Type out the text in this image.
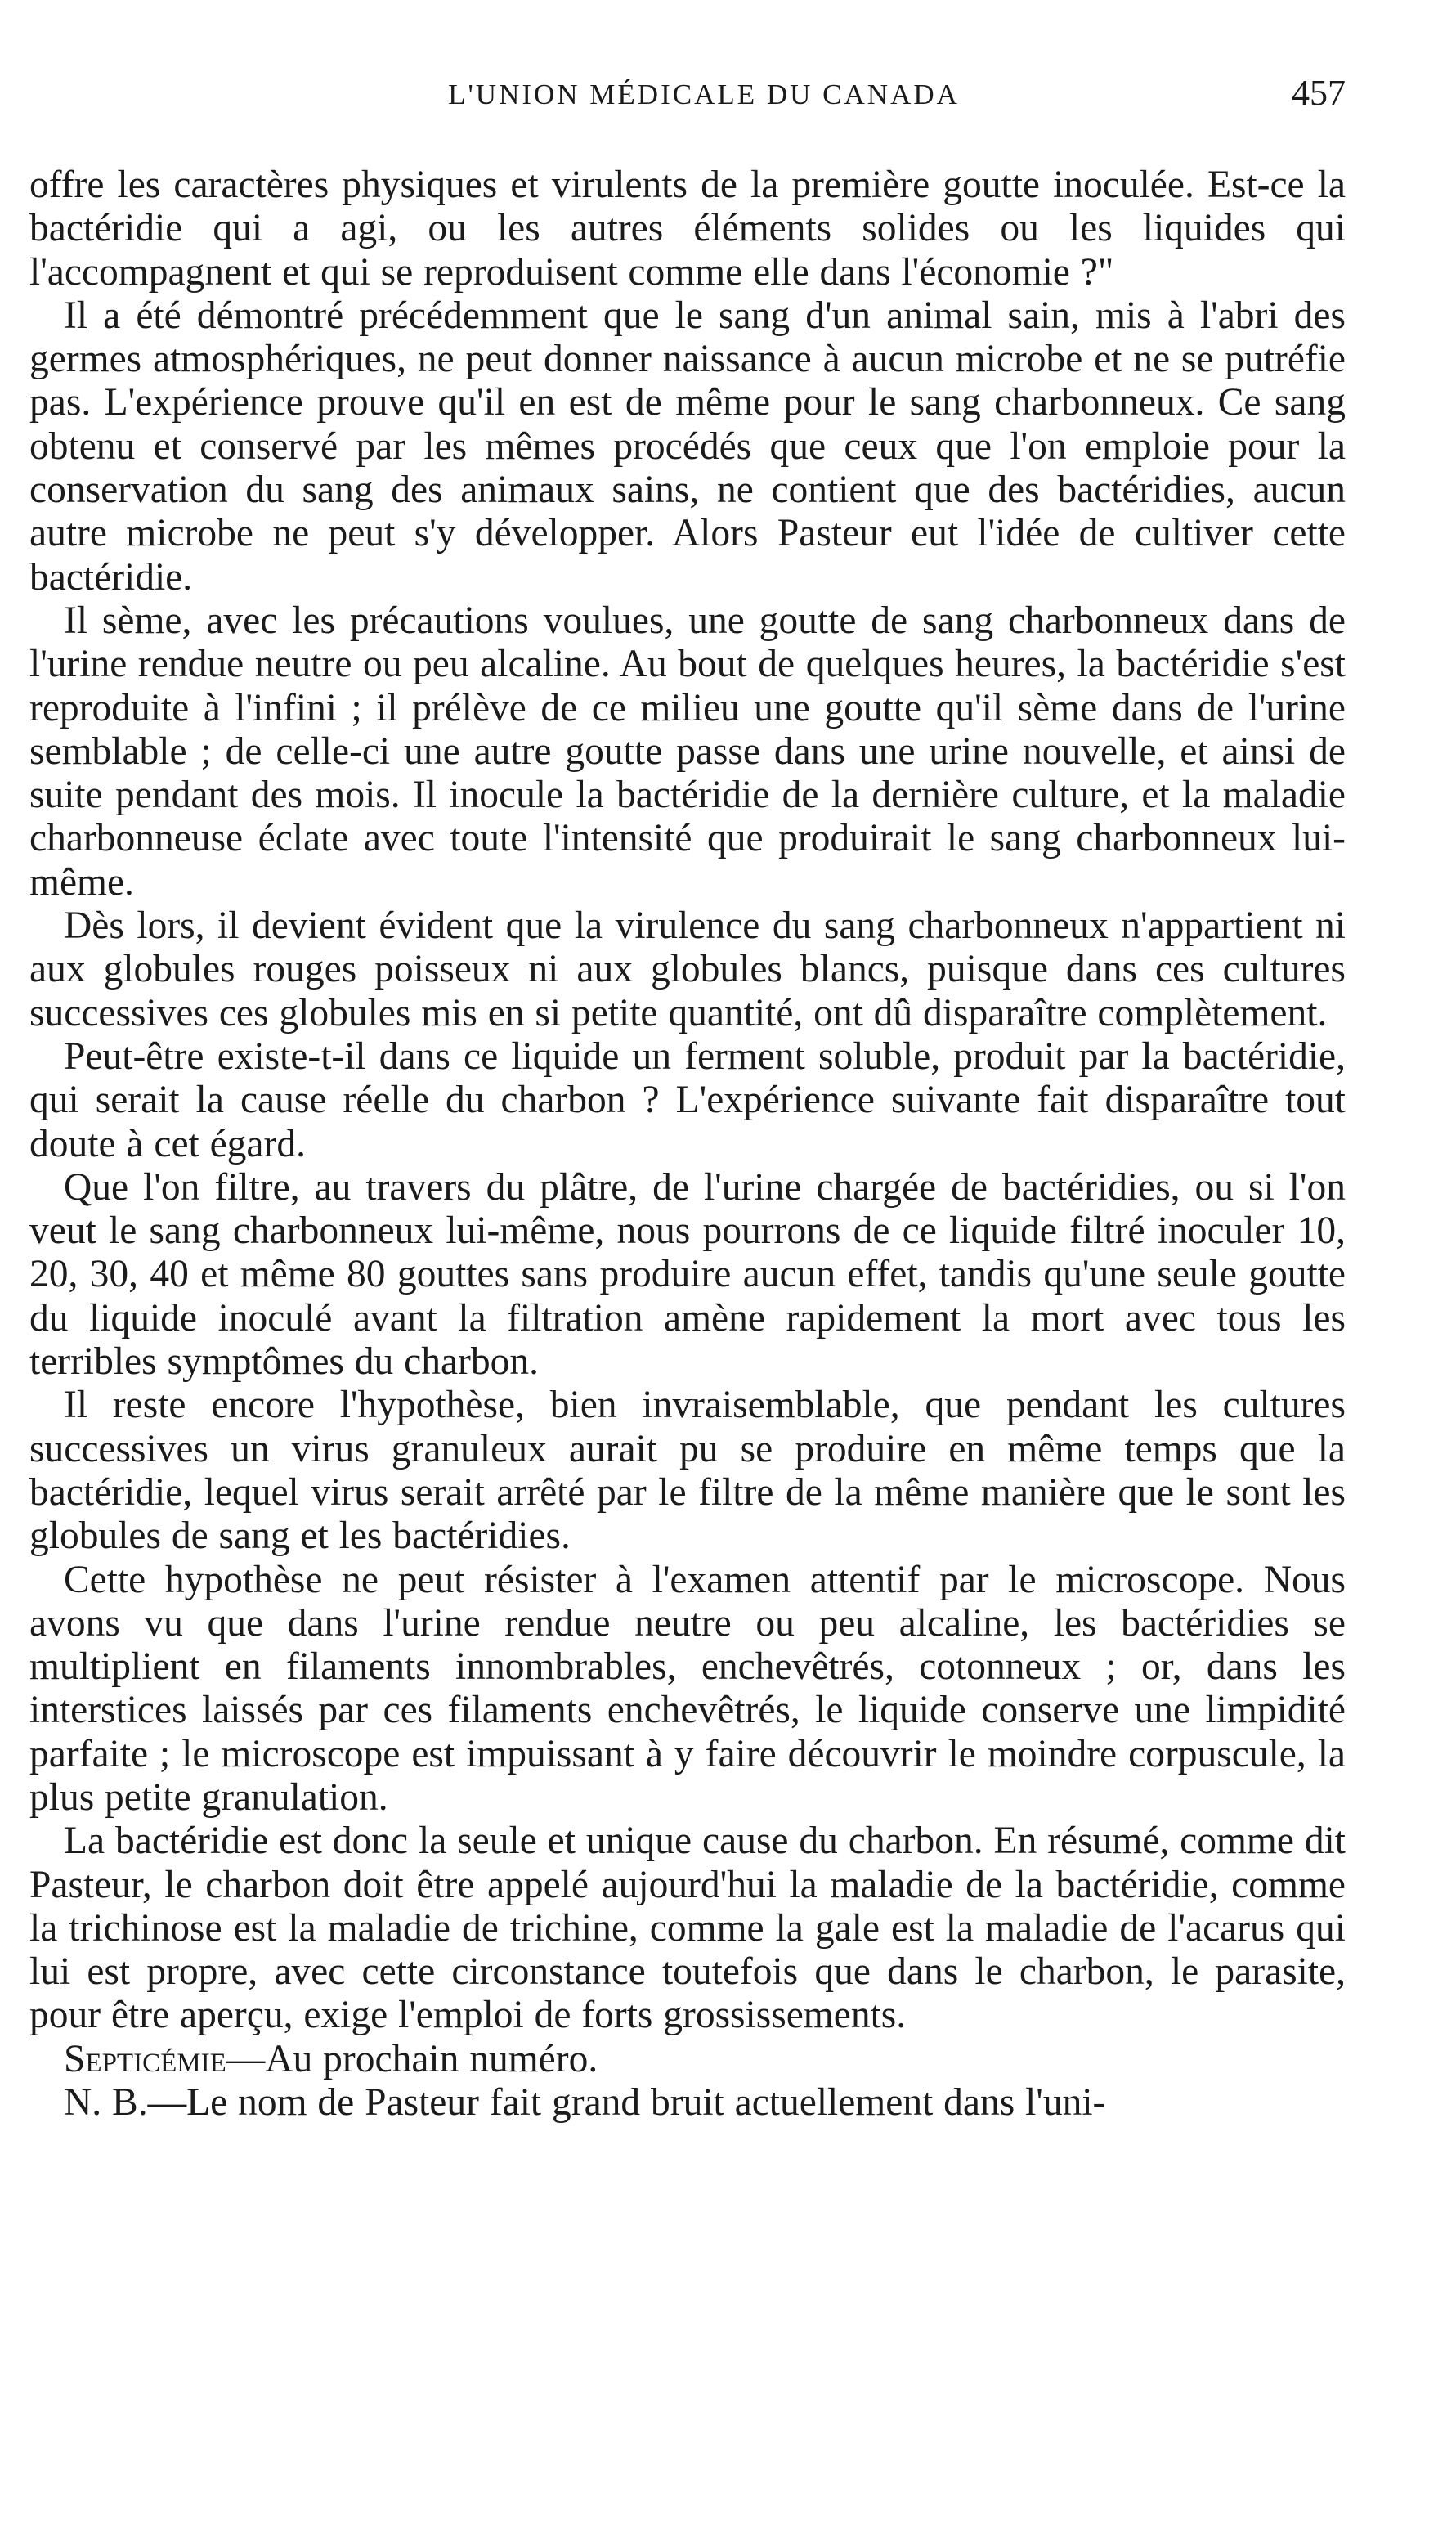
L'UNION MÉDICALE DU CANADA	457

offre les caractères physiques et virulents de la première goutte inoculée. Est-ce la bactéridie qui a agi, ou les autres éléments solides ou les liquides qui l'accompagnent et qui se reproduisent comme elle dans l'économie ?"

Il a été démontré précédemment que le sang d'un animal sain, mis à l'abri des germes atmosphériques, ne peut donner naissance à aucun microbe et ne se putréfie pas. L'expérience prouve qu'il en est de même pour le sang charbonneux. Ce sang obtenu et conservé par les mêmes procédés que ceux que l'on emploie pour la conservation du sang des animaux sains, ne contient que des bactéridies, aucun autre microbe ne peut s'y développer. Alors Pasteur eut l'idée de cultiver cette bactéridie.

Il sème, avec les précautions voulues, une goutte de sang charbonneux dans de l'urine rendue neutre ou peu alcaline. Au bout de quelques heures, la bactéridie s'est reproduite à l'infini ; il prélève de ce milieu une goutte qu'il sème dans de l'urine semblable ; de celle-ci une autre goutte passe dans une urine nouvelle, et ainsi de suite pendant des mois. Il inocule la bactéridie de la dernière culture, et la maladie charbonneuse éclate avec toute l'intensité que produirait le sang charbonneux lui-même.

Dès lors, il devient évident que la virulence du sang charbonneux n'appartient ni aux globules rouges poisseux ni aux globules blancs, puisque dans ces cultures successives ces globules mis en si petite quantité, ont dû disparaître complètement.

Peut-être existe-t-il dans ce liquide un ferment soluble, produit par la bactéridie, qui serait la cause réelle du charbon ? L'expérience suivante fait disparaître tout doute à cet égard.

Que l'on filtre, au travers du plâtre, de l'urine chargée de bactéridies, ou si l'on veut le sang charbonneux lui-même, nous pourrons de ce liquide filtré inoculer 10, 20, 30, 40 et même 80 gouttes sans produire aucun effet, tandis qu'une seule goutte du liquide inoculé avant la filtration amène rapidement la mort avec tous les terribles symptômes du charbon.

Il reste encore l'hypothèse, bien invraisemblable, que pendant les cultures successives un virus granuleux aurait pu se produire en même temps que la bactéridie, lequel virus serait arrêté par le filtre de la même manière que le sont les globules de sang et les bactéridies.

Cette hypothèse ne peut résister à l'examen attentif par le microscope. Nous avons vu que dans l'urine rendue neutre ou peu alcaline, les bactéridies se multiplient en filaments innombrables, enchevêtrés, cotonneux ; or, dans les interstices laissés par ces filaments enchevêtrés, le liquide conserve une limpidité parfaite ; le microscope est impuissant à y faire découvrir le moindre corpuscule, la plus petite granulation.

La bactéridie est donc la seule et unique cause du charbon. En résumé, comme dit Pasteur, le charbon doit être appelé aujourd'hui la maladie de la bactéridie, comme la trichinose est la maladie de trichine, comme la gale est la maladie de l'acarus qui lui est propre, avec cette circonstance toutefois que dans le charbon, le parasite, pour être aperçu, exige l'emploi de forts grossissements.

Septicémie—Au prochain numéro.

N. B.—Le nom de Pasteur fait grand bruit actuellement dans l'uni-
